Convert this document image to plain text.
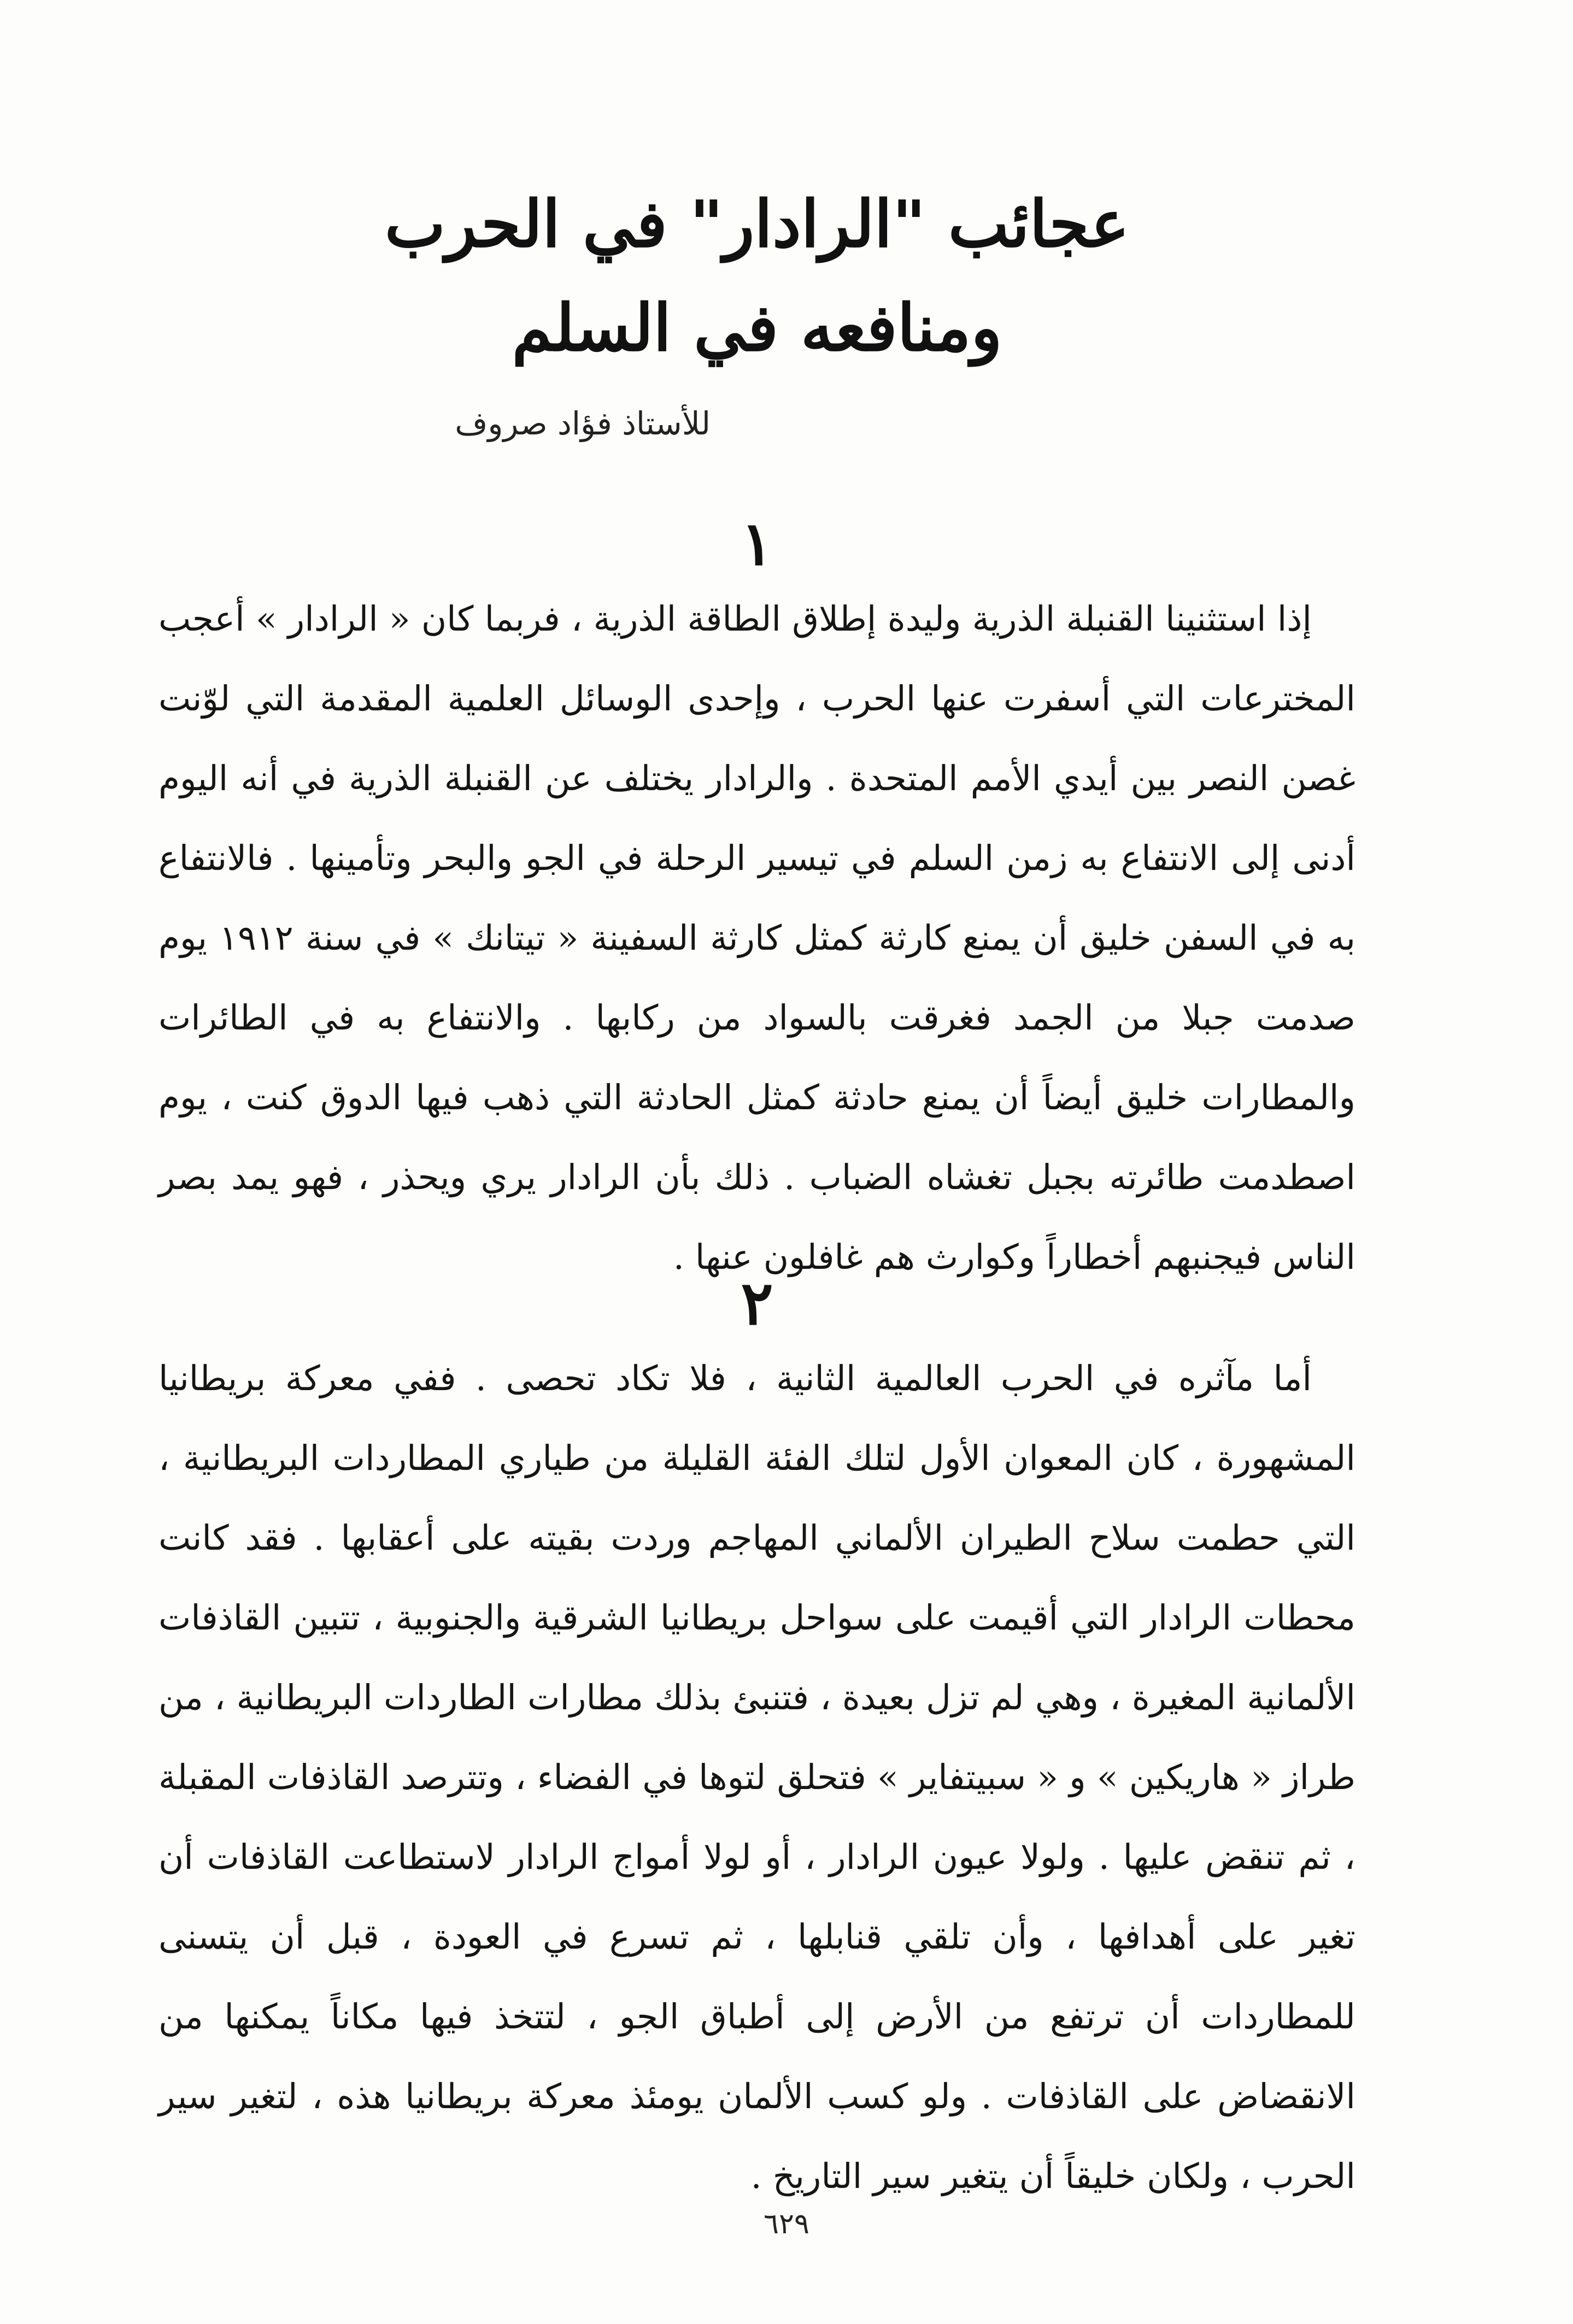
عجائب "الرادار" في الحرب
ومنافعه في السلم
للأستاذ فؤاد صروف
١

إذا استثنينا القنبلة الذرية وليدة إطلاق الطاقة الذرية ، فربما كان « الرادار » أعجب المخترعات التي أسفرت عنها الحرب ، وإحدى الوسائل العلمية المقدمة التي لوّنت غصن النصر بين أيدي الأمم المتحدة . والرادار يختلف عن القنبلة الذرية في أنه اليوم أدنى إلى الانتفاع به زمن السلم في تيسير الرحلة في الجو والبحر وتأمينها . فالانتفاع به في السفن خليق أن يمنع كارثة كمثل كارثة السفينة « تيتانك » في سنة ١٩١٢ يوم صدمت جبلا من الجمد فغرقت بالسواد من ركابها . والانتفاع به في الطائرات والمطارات خليق أيضاً أن يمنع حادثة كمثل الحادثة التي ذهب فيها الدوق كنت ، يوم اصطدمت طائرته بجبل تغشاه الضباب . ذلك بأن الرادار يري ويحذر ، فهو يمد بصر الناس فيجنبهم أخطاراً وكوارث هم غافلون عنها .

٢

أما مآثره في الحرب العالمية الثانية ، فلا تكاد تحصى . ففي معركة بريطانيا المشهورة ، كان المعوان الأول لتلك الفئة القليلة من طياري المطاردات البريطانية ، التي حطمت سلاح الطيران الألماني المهاجم وردت بقيته على أعقابها . فقد كانت محطات الرادار التي أقيمت على سواحل بريطانيا الشرقية والجنوبية ، تتبين القاذفات الألمانية المغيرة ، وهي لم تزل بعيدة ، فتنبئ بذلك مطارات الطاردات البريطانية ، من طراز « هاريكين » و « سبيتفاير » فتحلق لتوها في الفضاء ، وتترصد القاذفات المقبلة ، ثم تنقض عليها . ولولا عيون الرادار ، أو لولا أمواج الرادار لاستطاعت القاذفات أن تغير على أهدافها ، وأن تلقي قنابلها ، ثم تسرع في العودة ، قبل أن يتسنى للمطاردات أن ترتفع من الأرض إلى أطباق الجو ، لتتخذ فيها مكاناً يمكنها من الانقضاض على القاذفات . ولو كسب الألمان يومئذ معركة بريطانيا هذه ، لتغير سير الحرب ، ولكان خليقاً أن يتغير سير التاريخ .

٦٢٩
